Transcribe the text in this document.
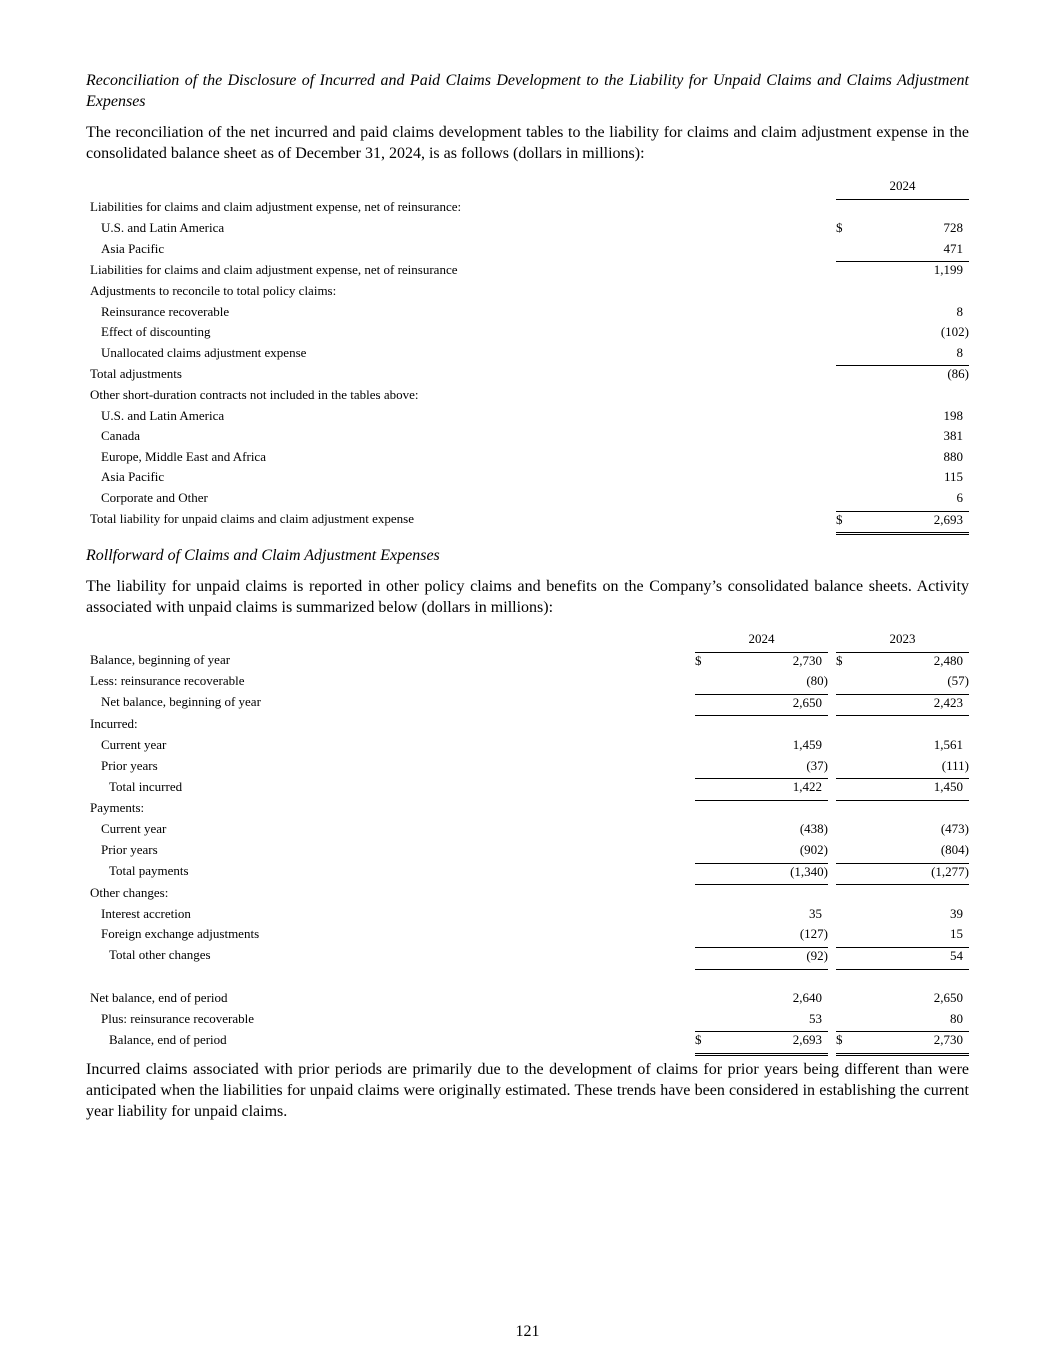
Reconciliation of the Disclosure of Incurred and Paid Claims Development to the Liability for Unpaid Claims and Claims Adjustment Expenses
The reconciliation of the net incurred and paid claims development tables to the liability for claims and claim adjustment expense in the consolidated balance sheet as of December 31, 2024, is as follows (dollars in millions):
	2024	
Liabilities for claims and claim adjustment expense, net of reinsurance:		
U.S. and Latin America	$	728
Asia Pacific		471
Liabilities for claims and claim adjustment expense, net of reinsurance		1,199
Adjustments to reconcile to total policy claims:		
Reinsurance recoverable		8
Effect of discounting		(102)
Unallocated claims adjustment expense		8
Total adjustments		(86)
Other short-duration contracts not included in the tables above:		
U.S. and Latin America		198
Canada		381
Europe, Middle East and Africa		880
Asia Pacific		115
Corporate and Other		6
Total liability for unpaid claims and claim adjustment expense	$	2,693
Rollforward of Claims and Claim Adjustment Expenses
The liability for unpaid claims is reported in other policy claims and benefits on the Company’s consolidated balance sheets. Activity associated with unpaid claims is summarized below (dollars in millions):
	2024			2023	
Balance, beginning of year	$	2,730		$	2,480
Less: reinsurance recoverable		(80)			(57)
Net balance, beginning of year		2,650			2,423
Incurred:					
Current year		1,459			1,561
Prior years		(37)			(111)
Total incurred		1,422			1,450
Payments:					
Current year		(438)			(473)
Prior years		(902)			(804)
Total payments		(1,340)			(1,277)
Other changes:					
Interest accretion		35			39
Foreign exchange adjustments		(127)			15
Total other changes		(92)			54

Net balance, end of period		2,640			2,650
Plus: reinsurance recoverable		53			80
Balance, end of period	$	2,693		$	2,730
Incurred claims associated with prior periods are primarily due to the development of claims for prior years being different than were anticipated when the liabilities for unpaid claims were originally estimated. These trends have been considered in establishing the current year liability for unpaid claims.
121
